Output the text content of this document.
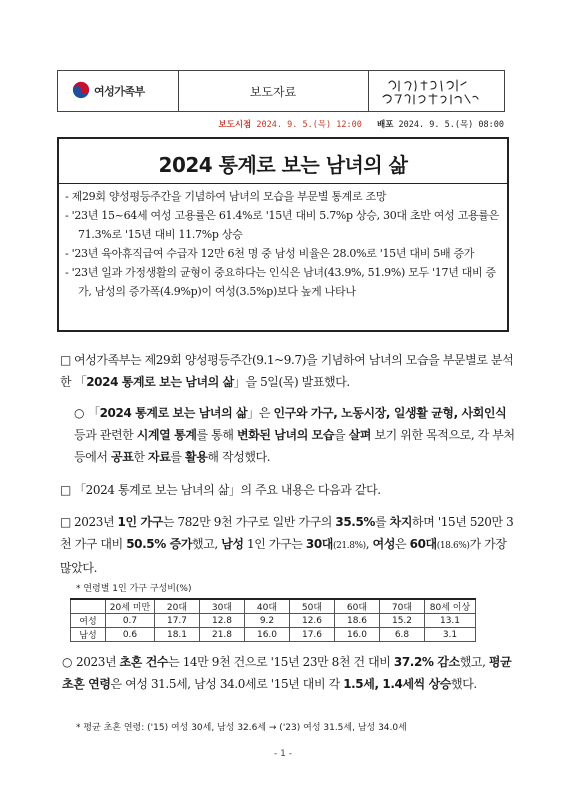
여성가족부	보도자료
보도시점 2024. 9. 5.(목) 12:00 배포 2024. 9. 5.(목) 08:00
2024 통계로 보는 남녀의 삶
- 제29회 양성평등주간을 기념하여 남녀의 모습을 부문별 통계로 조망
- '23년 15~64세 여성 고용률은 61.4%로 '15년 대비 5.7%p 상승, 30대 초반 여성 고용률은 71.3%로 '15년 대비 11.7%p 상승
- '23년 육아휴직급여 수급자 12만 6천 명 중 남성 비율은 28.0%로 '15년 대비 5배 증가
- '23년 일과 가정생활의 균형이 중요하다는 인식은 남녀(43.9%, 51.9%) 모두 '17년 대비 증가, 남성의 증가폭(4.9%p)이 여성(3.5%p)보다 높게 나타나
□ 여성가족부는 제29회 양성평등주간(9.1~9.7)을 기념하여 남녀의 모습을 부문별로 분석한 「2024 통계로 보는 남녀의 삶」을 5일(목) 발표했다.
○ 「2024 통계로 보는 남녀의 삶」은 인구와 가구, 노동시장, 일생활 균형, 사회인식 등과 관련한 시계열 통계를 통해 변화된 남녀의 모습을 살펴 보기 위한 목적으로, 각 부처 등에서 공표한 자료를 활용해 작성했다.
□ 「2024 통계로 보는 남녀의 삶」의 주요 내용은 다음과 같다.
□ 2023년 1인 가구는 782만 9천 가구로 일반 가구의 35.5%를 차지하며 '15년 520만 3천 가구 대비 50.5% 증가했고, 남성 1인 가구는 30대(21.8%), 여성은 60대(18.6%)가 가장 많았다.
* 연령별 1인 가구 구성비(%)
	20세 미만	20대	30대	40대	50대	60대	70대	80세 이상
여성	0.7	17.7	12.8	9.2	12.6	18.6	15.2	13.1
남성	0.6	18.1	21.8	16.0	17.6	16.0	6.8	3.1
○ 2023년 초혼 건수는 14만 9천 건으로 '15년 23만 8천 건 대비 37.2% 감소했고, 평균 초혼 연령은 여성 31.5세, 남성 34.0세로 '15년 대비 각 1.5세, 1.4세씩 상승했다.
* 평균 초혼 연령: ('15) 여성 30세, 남성 32.6세 → ('23) 여성 31.5세, 남성 34.0세
- 1 -
